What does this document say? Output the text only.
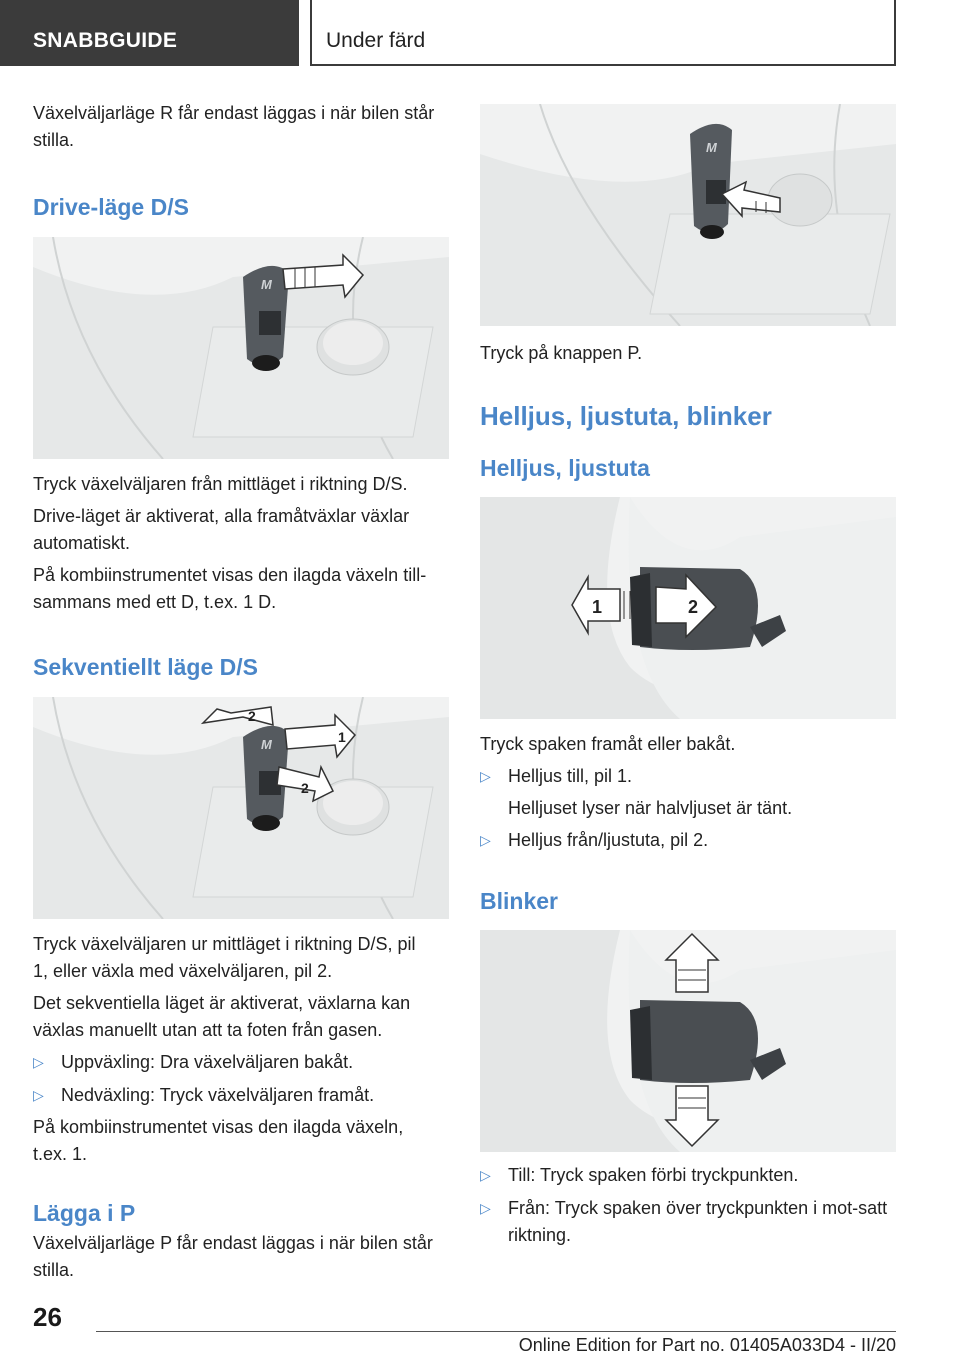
SNABBGUIDE	Under färd

Växelväljarläge R får endast läggas i när bilen står stilla.

Drive-läge D/S
M

Tryck växelväljaren från mittläget i riktning D/S.

Drive-läget är aktiverat, alla framåtväxlar växlar automatiskt.

På kombiinstrumentet visas den ilagda växeln till-sammans med ett D, t.ex. 1 D.

Sekventiellt läge D/S
M	1
2
2

Tryck växelväljaren ur mittläget i riktning D/S, pil 1, eller växla med växelväljaren, pil 2.

Det sekventiella läget är aktiverat, växlarna kan växlas manuellt utan att ta foten från gasen.

▷ Uppväxling: Dra växelväljaren bakåt.
▷ Nedväxling: Tryck växelväljaren framåt.

På kombiinstrumentet visas den ilagda växeln, t.ex. 1.

Lägga i P

Växelväljarläge P får endast läggas i när bilen står stilla.

M

Tryck på knappen P.

Helljus, ljustuta, blinker
Helljus, ljustuta
2
1

Tryck spaken framåt eller bakåt.

▷ Helljus till, pil 1.

Helljuset lyser när halvljuset är tänt.

▷ Helljus från/ljustuta, pil 2.
Blinker
▷ Till: Tryck spaken förbi tryckpunkten.
▷ Från: Tryck spaken över tryckpunkten i mot-satt riktning.
26
Online Edition for Part no. 01405A033D4 - II/20
